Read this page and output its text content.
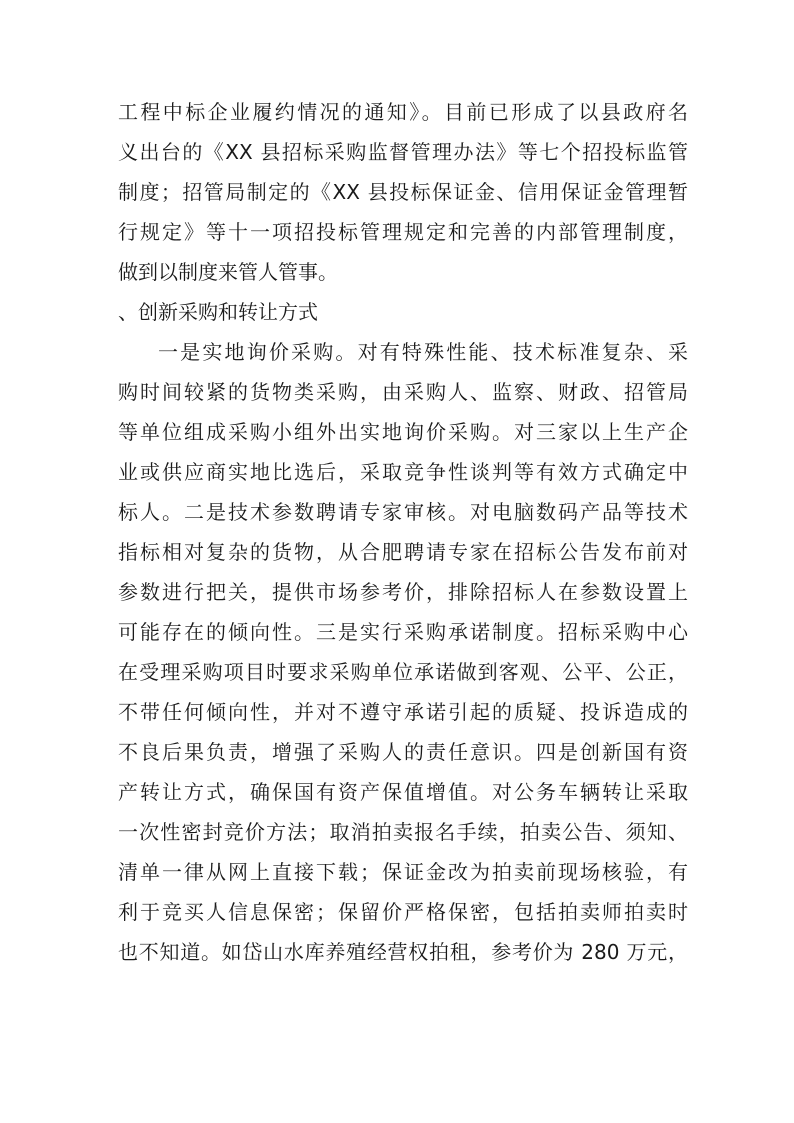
工程中标企业履约情况的通知》。目前已形成了以县政府名
义出台的《XX 县招标采购监督管理办法》等七个招投标监管
制度；招管局制定的《XX 县投标保证金、信用保证金管理暂
行规定》等十一项招投标管理规定和完善的内部管理制度，
做到以制度来管人管事。
、创新采购和转让方式
一是实地询价采购。对有特殊性能、技术标准复杂、采
购时间较紧的货物类采购，由采购人、监察、财政、招管局
等单位组成采购小组外出实地询价采购。对三家以上生产企
业或供应商实地比选后，采取竞争性谈判等有效方式确定中
标人。二是技术参数聘请专家审核。对电脑数码产品等技术
指标相对复杂的货物，从合肥聘请专家在招标公告发布前对
参数进行把关，提供市场参考价，排除招标人在参数设置上
可能存在的倾向性。三是实行采购承诺制度。招标采购中心
在受理采购项目时要求采购单位承诺做到客观、公平、公正，
不带任何倾向性，并对不遵守承诺引起的质疑、投诉造成的
不良后果负责，增强了采购人的责任意识。四是创新国有资
产转让方式，确保国有资产保值增值。对公务车辆转让采取
一次性密封竞价方法；取消拍卖报名手续，拍卖公告、须知、
清单一律从网上直接下载；保证金改为拍卖前现场核验，有
利于竞买人信息保密；保留价严格保密，包括拍卖师拍卖时
也不知道。如岱山水库养殖经营权拍租，参考价为 280 万元，
